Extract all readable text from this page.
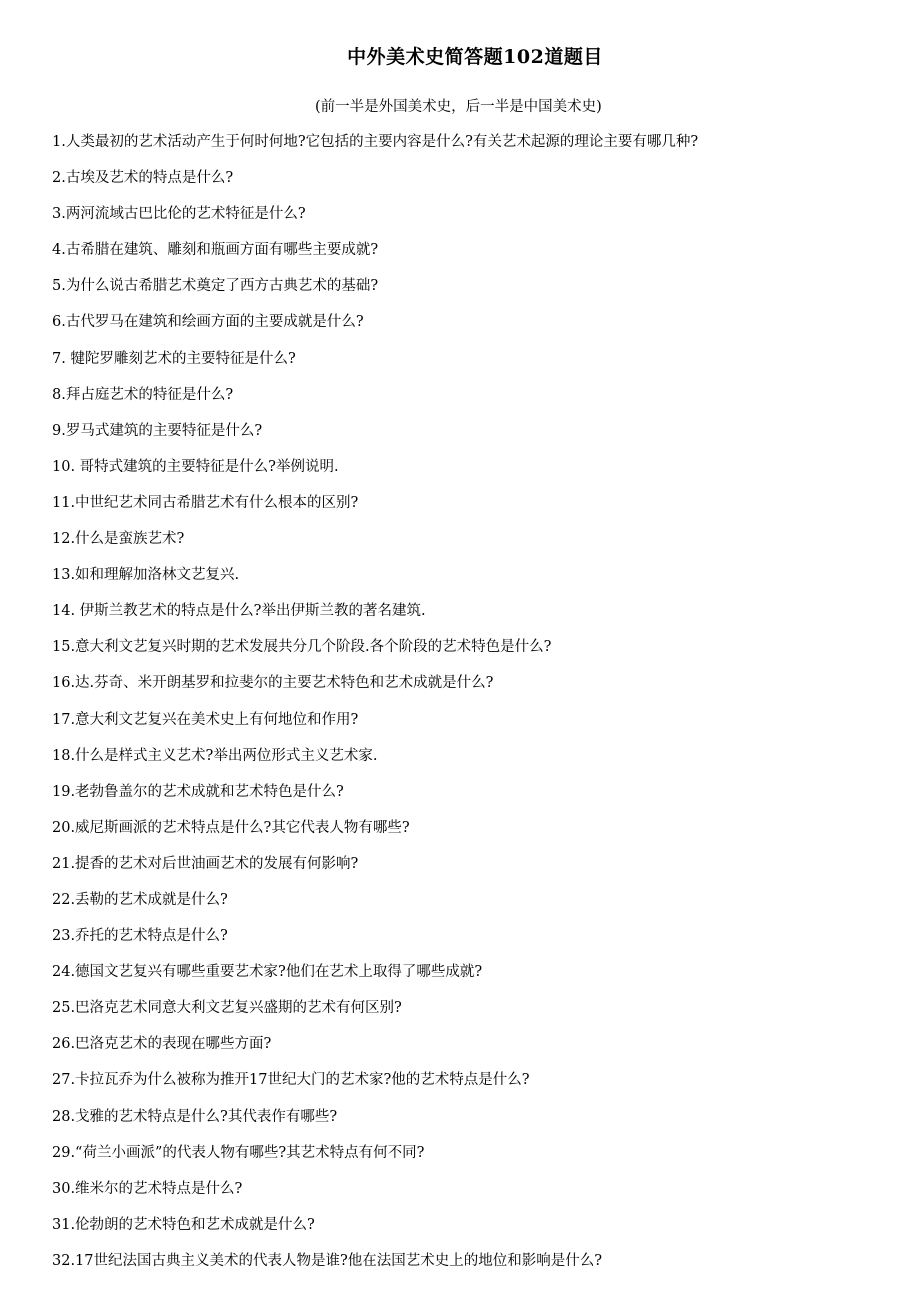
中外美术史简答题102道题目
(前一半是外国美术史，后一半是中国美术史)
1.人类最初的艺术活动产生于何时何地?它包括的主要内容是什么?有关艺术起源的理论主要有哪几种?
2.古埃及艺术的特点是什么?
3.两河流域古巴比伦的艺术特征是什么?
4.古希腊在建筑、雕刻和瓶画方面有哪些主要成就?
5.为什么说古希腊艺术奠定了西方古典艺术的基础?
6.古代罗马在建筑和绘画方面的主要成就是什么?
7. 犍陀罗雕刻艺术的主要特征是什么?
8.拜占庭艺术的特征是什么?
9.罗马式建筑的主要特征是什么?
10. 哥特式建筑的主要特征是什么?举例说明.
11.中世纪艺术同古希腊艺术有什么根本的区别?
12.什么是蛮族艺术?
13.如和理解加洛林文艺复兴.
14. 伊斯兰教艺术的特点是什么?举出伊斯兰教的著名建筑.
15.意大利文艺复兴时期的艺术发展共分几个阶段.各个阶段的艺术特色是什么?
16.达.芬奇、米开朗基罗和拉斐尔的主要艺术特色和艺术成就是什么?
17.意大利文艺复兴在美术史上有何地位和作用?
18.什么是样式主义艺术?举出两位形式主义艺术家.
19.老勃鲁盖尔的艺术成就和艺术特色是什么?
20.威尼斯画派的艺术特点是什么?其它代表人物有哪些?
21.提香的艺术对后世油画艺术的发展有何影响?
22.丢勒的艺术成就是什么?
23.乔托的艺术特点是什么?
24.德国文艺复兴有哪些重要艺术家?他们在艺术上取得了哪些成就?
25.巴洛克艺术同意大利文艺复兴盛期的艺术有何区别?
26.巴洛克艺术的表现在哪些方面?
27.卡拉瓦乔为什么被称为推开17世纪大门的艺术家?他的艺术特点是什么?
28.戈雅的艺术特点是什么?其代表作有哪些?
29.“荷兰小画派”的代表人物有哪些?其艺术特点有何不同?
30.维米尔的艺术特点是什么?
31.伦勃朗的艺术特色和艺术成就是什么?
32.17世纪法国古典主义美术的代表人物是谁?他在法国艺术史上的地位和影响是什么?
